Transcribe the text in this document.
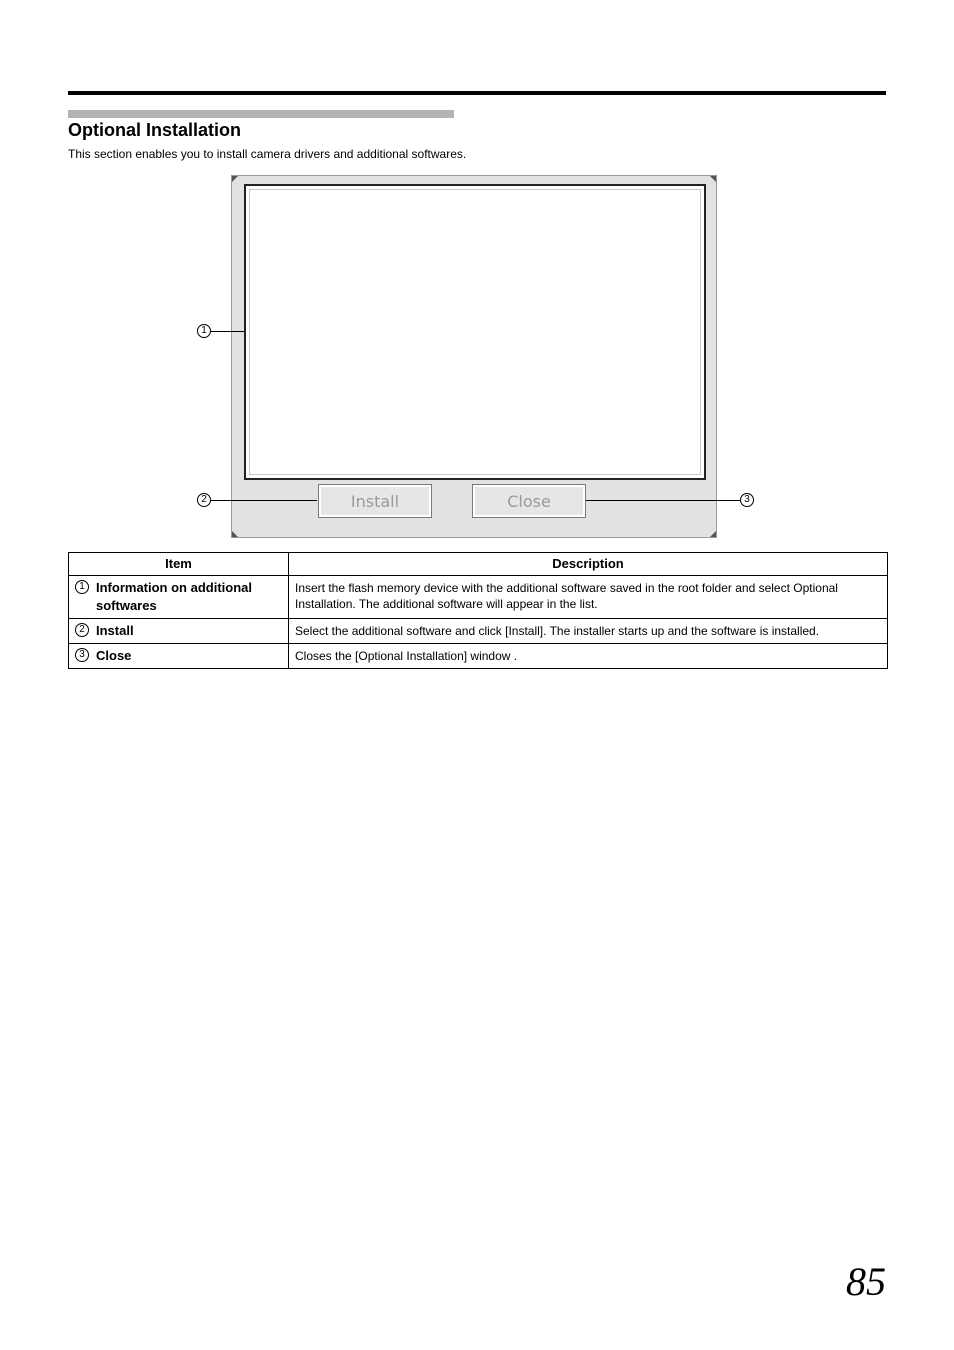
Optional Installation

This section enables you to install camera drivers and additional softwares.

Install	Close
1
2	3
Item	Description

1 Information on additional softwares	Insert the flash memory device with the additional software saved in the root folder and select Optional Installation. The additional software will appear in the list.

2 Install	Select the additional software and click [Install]. The installer starts up and the software is installed.

3 Close	Closes the [Optional Installation] window .
85
